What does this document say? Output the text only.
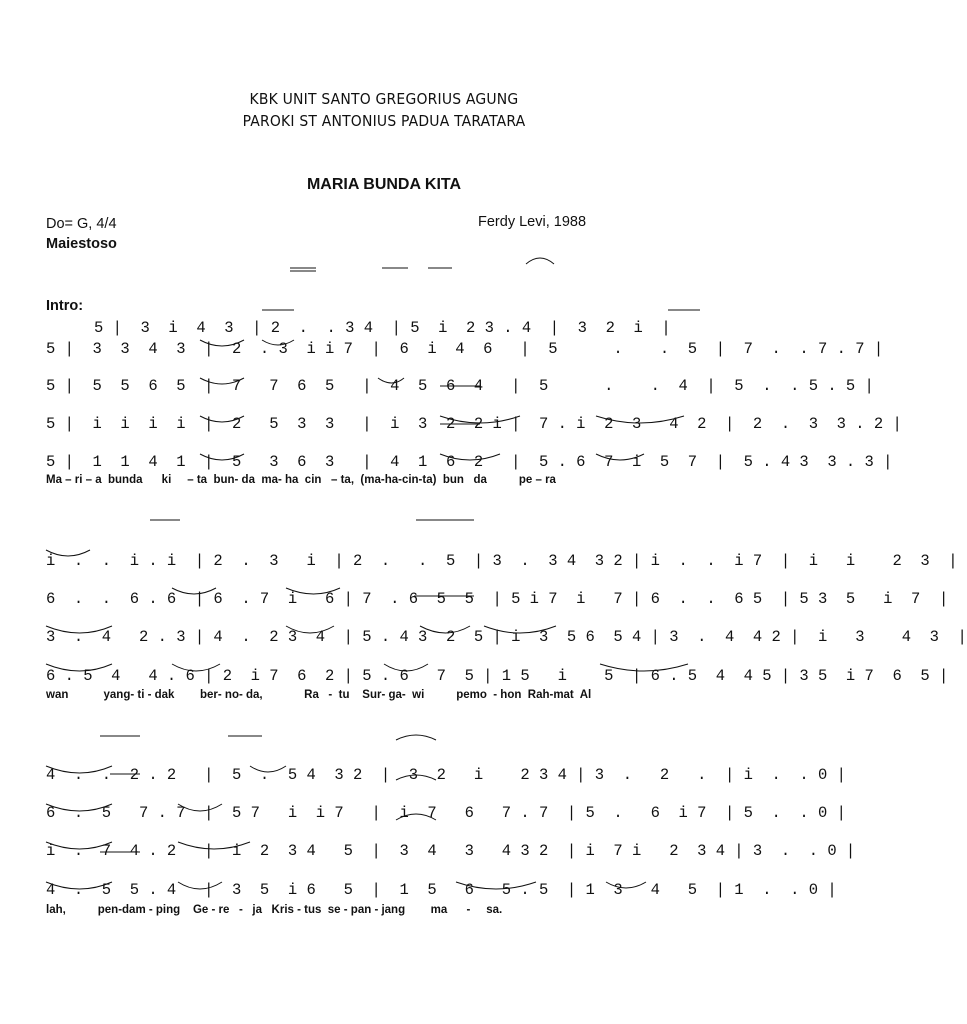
KBK UNIT SANTO GREGORIUS AGUNG
PAROKI ST ANTONIUS PADUA TARATARA
MARIA BUNDA KITA
Do= G, 4/4
Maiestoso
Ferdy Levi, 1988

Intro:

5 |  3  i  4  3  | 2  .  . 3 4  | 5  i  2 3 . 4  |  3  2  i  |

5 |  3  3  4  3  |  2  . 3  i i 7  |  6  i  4  6   |  5      .    .  5  |  7  .  . 7 . 7 |

5 |  5  5  6  5  |  7   7  6  5   |  4  5  6  4   |  5      .    .  4  |  5  .  . 5 . 5 |

5 |  i  i  i  i  |  2   5  3  3   |  i  3  2  2 i |  7 . i  2  3   4  2  |  2  .  3  3 . 2 |

5 |  1  1  4  1  |  5   3  6  3   |  4  1  6  2   |  5 . 6  7  i  5  7  |  5 . 4 3  3 . 3 |

Ma – ri – a  bunda      ki     – ta  bun- da  ma- ha  cin   – ta,  (ma-ha-cin-ta)  bun   da          pe – ra

i  .  .  i . i  | 2  .  3   i  | 2  .   .  5  | 3  .  3 4  3 2 | i  .  .  i 7  |  i   i    2  3  |

6  .  .  6 . 6  | 6  . 7  i   6 | 7  . 6  5  5  | 5 i 7  i   7 | 6  .  .  6 5  | 5 3  5   i  7  |

3  .  4   2 . 3 | 4  .  2 3  4  | 5 . 4 3  2  5 | i  3  5 6  5 4 | 3  .  4  4 2 |  i   3    4  3  |

6 . 5  4   4 . 6 | 2  i 7  6  2 | 5 . 6   7  5 | 1 5   i    5  | 6 . 5  4  4 5 | 3 5  i 7  6  5 |

wan           yang- ti - dak        ber- no- da,             Ra   -  tu    Sur- ga-  wi          pemo  - hon  Rah-mat  Al

4  .  .  2 . 2   |  5  .  5 4  3 2  |  3  2   i    2 3 4 | 3  .   2   .  | i  .  . 0 |

6  .  5   7 . 7  |  5 7   i  i 7   |  i  7   6   7 . 7  | 5  .   6  i 7  | 5  .  . 0 |

i  .  7  4 . 2   |  i  2  3 4   5  |  3  4   3   4 3 2  | i  7 i   2  3 4 | 3  .  . 0 |

4  .  5  5 . 4   |  3  5  i 6   5  |  1  5   6   5 . 5  | 1  3   4   5  | 1  .  . 0 |

lah,          pen-dam - ping    Ge - re   -   ja   Kris - tus  se - pan - jang        ma      -     sa.
